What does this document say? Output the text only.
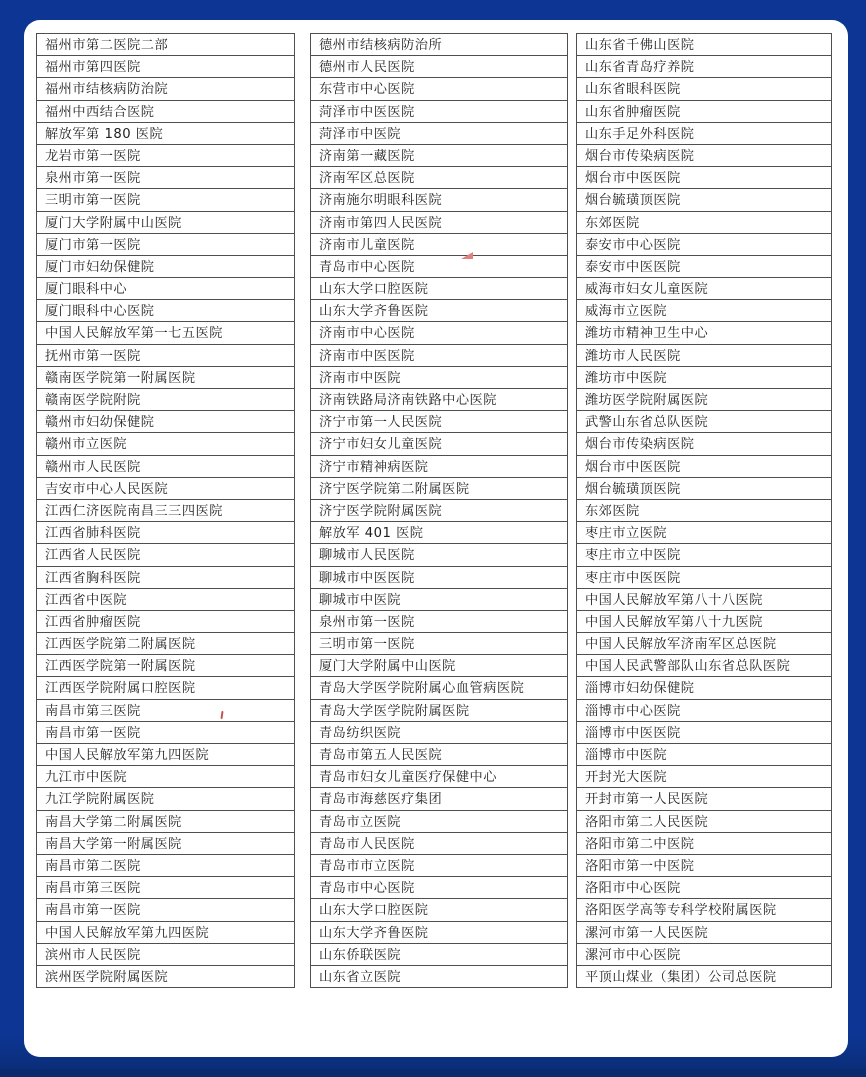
福州市第二医院二部
福州市第四医院
福州市结核病防治院
福州中西结合医院
解放军第 180 医院
龙岩市第一医院
泉州市第一医院
三明市第一医院
厦门大学附属中山医院
厦门市第一医院
厦门市妇幼保健院
厦门眼科中心
厦门眼科中心医院
中国人民解放军第一七五医院
抚州市第一医院
赣南医学院第一附属医院
赣南医学院附院
赣州市妇幼保健院
赣州市立医院
赣州市人民医院
吉安市中心人民医院
江西仁济医院南昌三三四医院
江西省肺科医院
江西省人民医院
江西省胸科医院
江西省中医院
江西省肿瘤医院
江西医学院第二附属医院
江西医学院第一附属医院
江西医学院附属口腔医院
南昌市第三医院
南昌市第一医院
中国人民解放军第九四医院
九江市中医院
九江学院附属医院
南昌大学第二附属医院
南昌大学第一附属医院
南昌市第二医院
南昌市第三医院
南昌市第一医院
中国人民解放军第九四医院
滨州市人民医院
滨州医学院附属医院
德州市结核病防治所
德州市人民医院
东营市中心医院
菏泽市中医医院
菏泽市中医院
济南第一藏医院
济南军区总医院
济南施尔明眼科医院
济南市第四人民医院
济南市儿童医院
青岛市中心医院
山东大学口腔医院
山东大学齐鲁医院
济南市中心医院
济南市中医医院
济南市中医院
济南铁路局济南铁路中心医院
济宁市第一人民医院
济宁市妇女儿童医院
济宁市精神病医院
济宁医学院第二附属医院
济宁医学院附属医院
解放军 401 医院
聊城市人民医院
聊城市中医医院
聊城市中医院
泉州市第一医院
三明市第一医院
厦门大学附属中山医院
青岛大学医学院附属心血管病医院
青岛大学医学院附属医院
青岛纺织医院
青岛市第五人民医院
青岛市妇女儿童医疗保健中心
青岛市海慈医疗集团
青岛市立医院
青岛市人民医院
青岛市市立医院
青岛市中心医院
山东大学口腔医院
山东大学齐鲁医院
山东侨联医院
山东省立医院
山东省千佛山医院
山东省青岛疗养院
山东省眼科医院
山东省肿瘤医院
山东手足外科医院
烟台市传染病医院
烟台市中医医院
烟台毓璜顶医院
东郊医院
泰安市中心医院
泰安市中医医院
威海市妇女儿童医院
威海市立医院
潍坊市精神卫生中心
潍坊市人民医院
潍坊市中医院
潍坊医学院附属医院
武警山东省总队医院
烟台市传染病医院
烟台市中医医院
烟台毓璜顶医院
东郊医院
枣庄市立医院
枣庄市立中医院
枣庄市中医医院
中国人民解放军第八十八医院
中国人民解放军第八十九医院
中国人民解放军济南军区总医院
中国人民武警部队山东省总队医院
淄博市妇幼保健院
淄博市中心医院
淄博市中医医院
淄博市中医院
开封光大医院
开封市第一人民医院
洛阳市第二人民医院
洛阳市第二中医院
洛阳市第一中医院
洛阳市中心医院
洛阳医学高等专科学校附属医院
漯河市第一人民医院
漯河市中心医院
平顶山煤业（集团）公司总医院
